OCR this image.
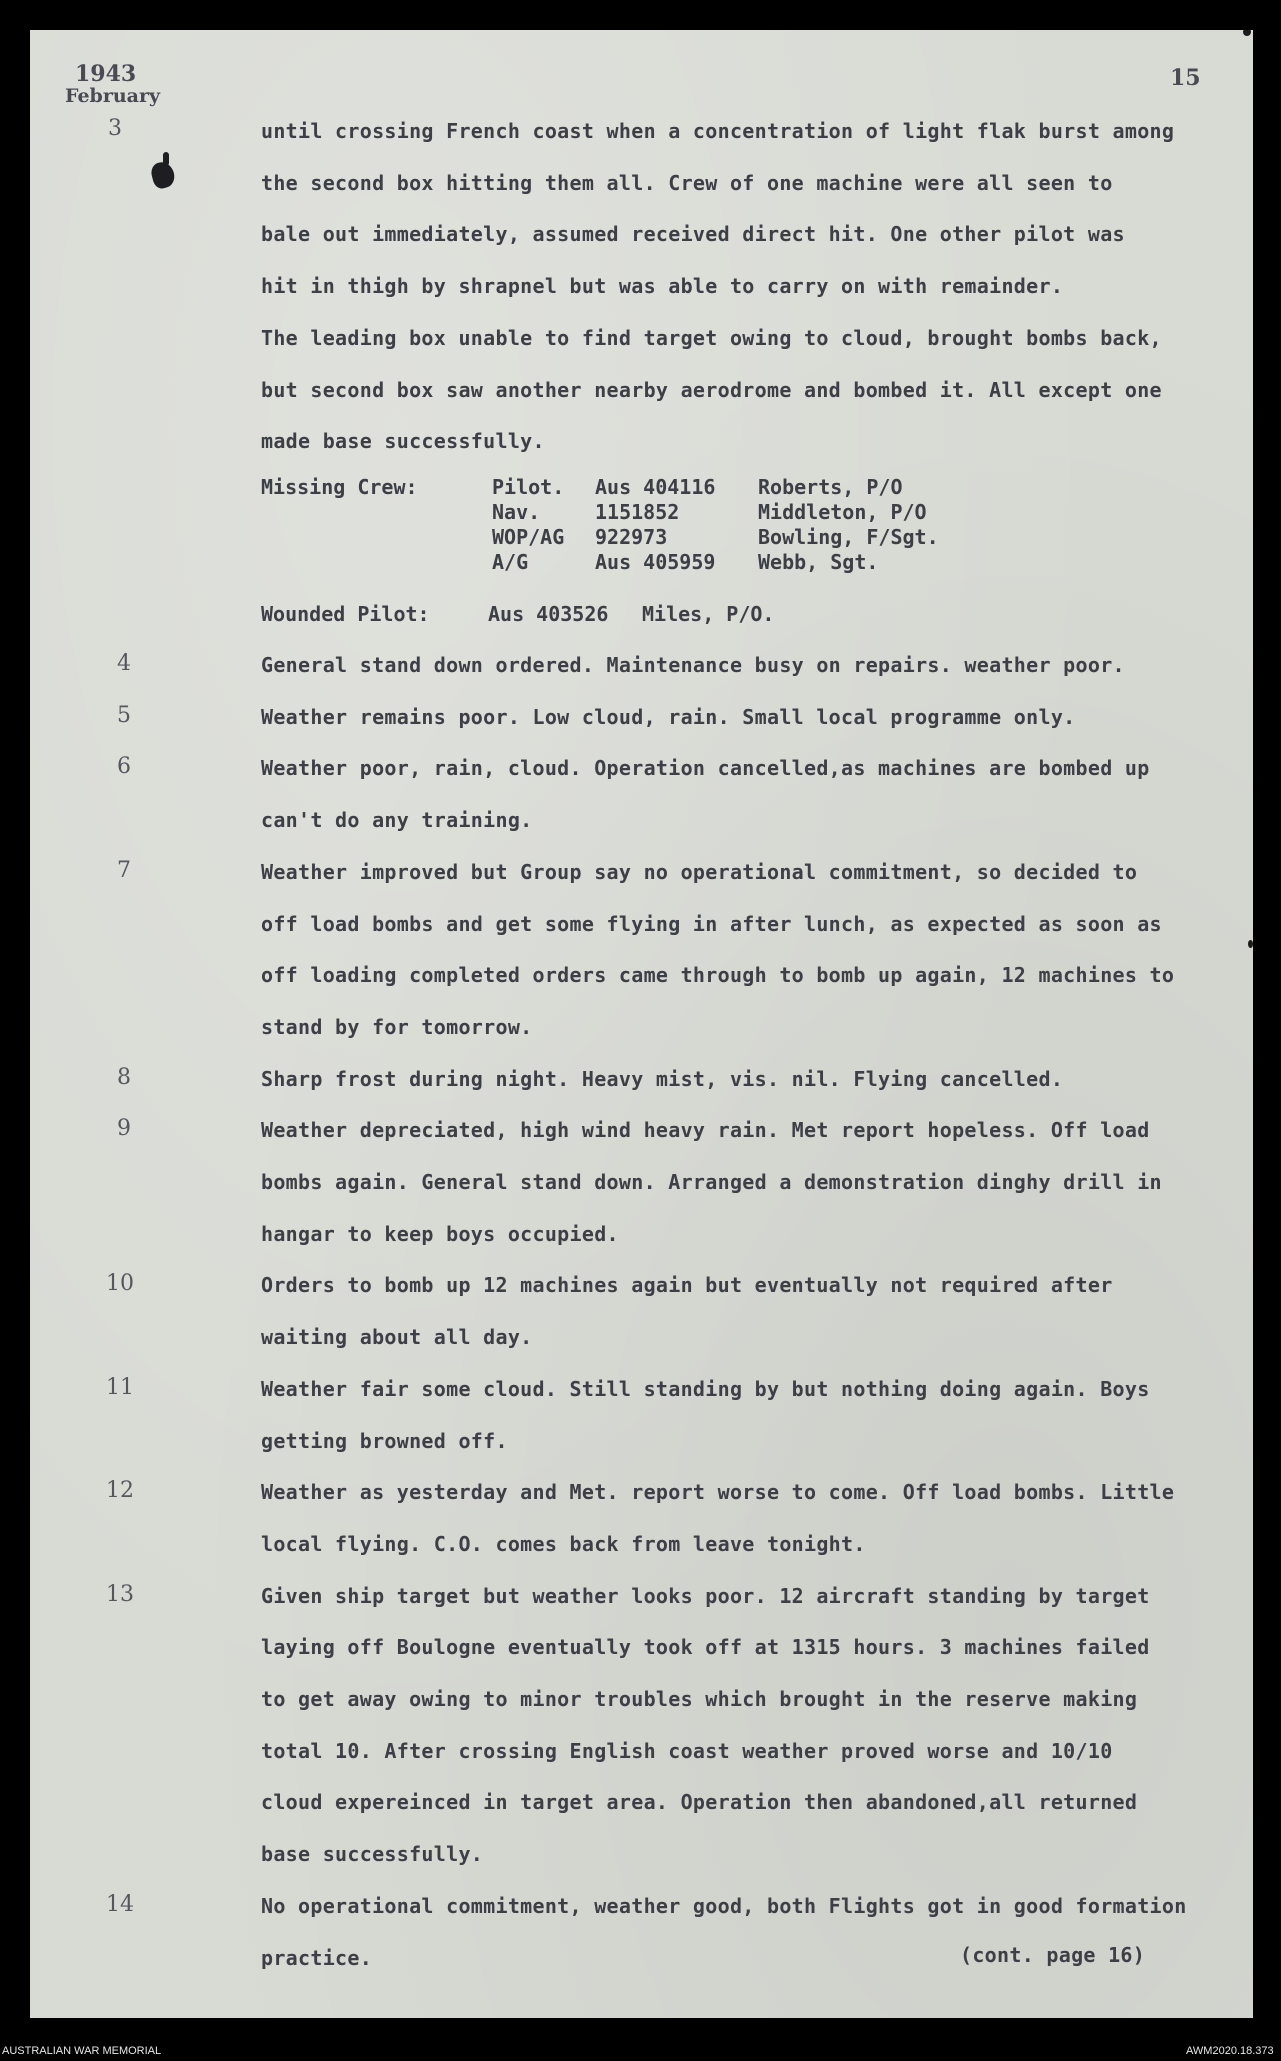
1943
February
15
3	until crossing French coast when a concentration of light flak burst among
the second box hitting them all. Crew of one machine were all seen to
bale out immediately, assumed received direct hit. One other pilot was
hit in thigh by shrapnel but was able to carry on with remainder.
The leading box unable to find target owing to cloud, brought bombs back,
but second box saw another nearby aerodrome and bombed it. All except one
made base successfully.
Missing Crew:	Pilot. Aus 404116 Roberts, P/O
Nav.	1151852	Middleton, P/O
WOP/AG 922973	Bowling, F/Sgt.
A/G	Aus 405959 Webb, Sgt.
Wounded Pilot:	Aus 403526 Miles, P/O.
4	General stand down ordered. Maintenance busy on repairs. weather poor.
5	Weather remains poor. Low cloud, rain. Small local programme only.
6	Weather poor, rain, cloud. Operation cancelled,as machines are bombed up
can't do any training.
7	Weather improved but Group say no operational commitment, so decided to
off load bombs and get some flying in after lunch, as expected as soon as
off loading completed orders came through to bomb up again, 12 machines to
stand by for tomorrow.
8	Sharp frost during night. Heavy mist, vis. nil. Flying cancelled.
9	Weather depreciated, high wind heavy rain. Met report hopeless. Off load
bombs again. General stand down. Arranged a demonstration dinghy drill in
hangar to keep boys occupied.
10	Orders to bomb up 12 machines again but eventually not required after
waiting about all day.
11	Weather fair some cloud. Still standing by but nothing doing again. Boys
getting browned off.
12	Weather as yesterday and Met. report worse to come. Off load bombs. Little
local flying. C.O. comes back from leave tonight.
13	Given ship target but weather looks poor. 12 aircraft standing by target
laying off Boulogne eventually took off at 1315 hours. 3 machines failed
to get away owing to minor troubles which brought in the reserve making
total 10. After crossing English coast weather proved worse and 10/10
cloud expereinced in target area. Operation then abandoned,all returned
base successfully.
14	No operational commitment, weather good, both Flights got in good formation
practice.	(cont. page 16)
AUSTRALIAN WAR MEMORIAL	AWM2020.18.373
